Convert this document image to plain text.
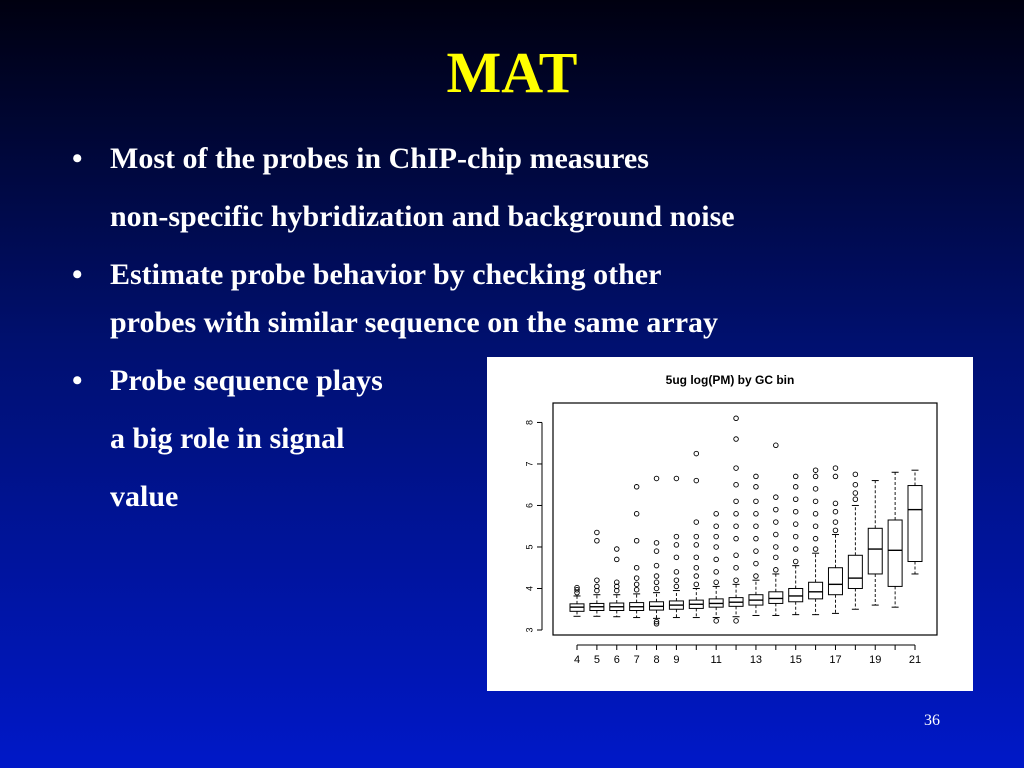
MAT
• Most of the probes in ChIP-chip measures
non-specific hybridization and background noise
• Estimate probe behavior by checking other
probes with similar sequence on the same array
• Probe sequence plays
a big role in signal
value
5ug log(PM) by GC bin
3
4
5
6
7
8
4 5 6 7 8 9	11	13	15	17	19	21
36
